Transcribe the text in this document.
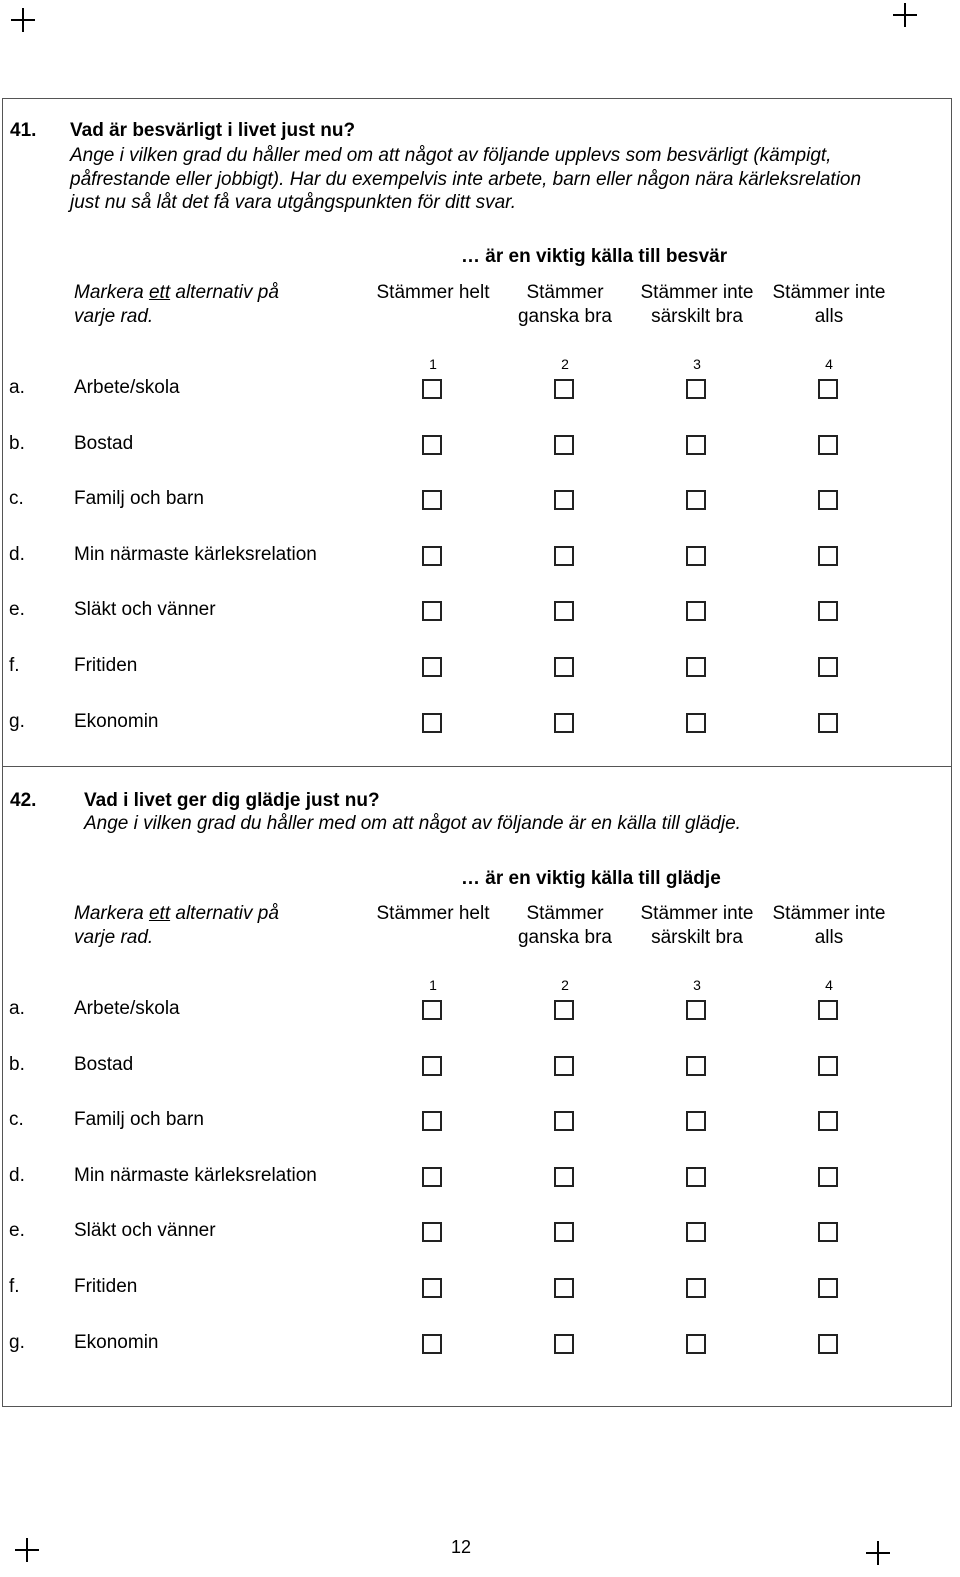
41. Vad är besvärligt i livet just nu?
Ange i vilken grad du håller med om att något av följande upplevs som besvärligt (kämpigt,
påfrestande eller jobbigt). Har du exempelvis inte arbete, barn eller någon nära kärleksrelation
just nu så låt det få vara utgångspunkten för ditt svar.
… är en viktig källa till besvär
Markera ett alternativ på
varje rad.
Stämmer helt
1
Stämmer ganska bra
2
Stämmer inte särskilt bra
3
Stämmer inte alls
4
a.	Arbete/skola
b.	Bostad
c.	Familj och barn
d.	Min närmaste kärleksrelation
e.	Släkt och vänner
f.	Fritiden
g.	Ekonomin
42.	Vad i livet ger dig glädje just nu?
Ange i vilken grad du håller med om att något av följande är en källa till glädje.
… är en viktig källa till glädje
Markera ett alternativ på
varje rad.
Stämmer helt
1
Stämmer ganska bra
2
Stämmer inte särskilt bra
3
Stämmer inte alls
4
a.	Arbete/skola
b.	Bostad
c.	Familj och barn
d.	Min närmaste kärleksrelation
e.	Släkt och vänner
f.	Fritiden
g.	Ekonomin
12
